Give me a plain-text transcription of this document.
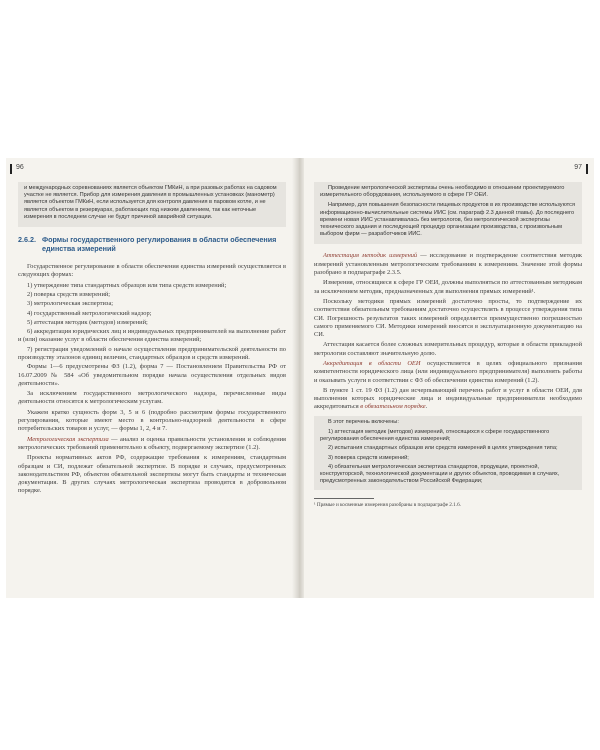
96

и международных соревнованиях является объектом ГМКиН, а при разовых работах на садовом участке не является. Прибор для измерения давления в промышленных установках (манометр) является объектом ГМКиН, если используется для контроля давления в паровом котле, и не является объектом в резервуарах, работающих под низким давлением, так как неточные измерения в последнем случае не будут причиной аварийной ситуации.

2.6.2. Формы государственного регулирования в области обеспечения единства измерений

Государственное регулирование в области обеспечения единства измерений осуществляется в следующих формах:

1) утверждение типа стандартных образцов или типа средств измерений;

2) поверка средств измерений;

3) метрологическая экспертиза;

4) государственный метрологический надзор;

5) аттестация методик (методов) измерений;

6) аккредитация юридических лиц и индивидуальных предпринимателей на выполнение работ и (или) оказание услуг в области обеспечения единства измерений;

7) регистрация уведомлений о начале осуществления предпринимательской деятельности по производству эталонов единиц величин, стандартных образцов и средств измерений.

Формы 1—6 предусмотрены ФЗ (1.2), форма 7 — Постановлением Правительства РФ от 16.07.2009 № 584 «Об уведомительном порядке начала осуществления отдельных видов деятельности».

За исключением государственного метрологического надзора, перечисленные виды деятельности относятся к метрологическим услугам.

Укажем кратко сущность форм 3, 5 и 6 (подробно рассмотрим формы государственного регулирования, которые имеют место в контрольно-надзорной деятельности в сфере потребительских товаров и услуг, — формы 1, 2, 4 и 7.

Метрологическая экспертиза — анализ и оценка правильности установления и соблюдения метрологических требований применительно к объекту, подвергаемому экспертизе (1.2).

Проекты нормативных актов РФ, содержащие требования к измерениям, стандартным образцам и СИ, подлежат обязательной экспертизе. В порядке и случаях, предусмотренных законодательством РФ, объектом обязательной экспертизы могут быть стандарты и техническая документация. В других случаях метрологическая экспертиза проводится в добровольном порядке.

97

Проведение метрологической экспертизы очень необходимо в отношении проектируемого измерительного оборудования, используемого в сфере ГР ОЕИ.

Например, для повышения безопасности пищевых продуктов в их производстве используются информационно-вычислительные системы ИИС (см. параграф 2.3 данной главы). До последнего времени новая ИИС устанавливалась без метрологов, без метрологической экспертизы технического задания и последующей процедур организации производства, с произвольным выбором фирм — разработчиков ИИС.

Аттестация методик измерений — исследование и подтверждение соответствия методик измерений установленным метрологическим требованиям к измерениям. Значение этой формы разобрано в подпараграфе 2.3.5.

Измерения, относящиеся к сфере ГР ОЕИ, должны выполняться по аттестованным методикам за исключением методик, предназначенных для выполнения прямых измерений¹.

Поскольку методики прямых измерений достаточно просты, то подтверждение их соответствия обязательным требованиям достаточно осуществлять в процессе утверждения типа СИ. Погрешность результатов таких измерений определяется преимущественно погрешностью самого применяемого СИ. Методики измерений вносятся в эксплуатационную документацию на СИ.

Аттестация касается более сложных измерительных процедур, которые в области прикладной метрологии составляют значительную долю.

Аккредитация в области ОЕИ осуществляется в целях официального признания компетентности юридического лица (или индивидуального предпринимателя) выполнять работы и оказывать услуги в соответствии с ФЗ об обеспечении единства измерений (1.2).

В пункте 1 ст. 19 ФЗ (1.2) дан исчерпывающий перечень работ и услуг в области ОЕИ, для выполнения которых юридические лица и индивидуальные предприниматели необходимо аккредитоваться в обязательном порядке.

В этот перечень включены:

1) аттестация методик (методов) измерений, относящихся к сфере государственного регулирования обеспечения единства измерений;

2) испытания стандартных образцов или средств измерений в целях утверждения типа;

3) поверка средств измерений;

4) обязательная метрологическая экспертиза стандартов, продукции, проектной, конструкторской, технологической документации и других объектов, проводимая в случаях, предусмотренных законодательством Российской Федерации;

¹ Прямые и косвенные измерения разобраны в подпараграфе 2.1.6.
